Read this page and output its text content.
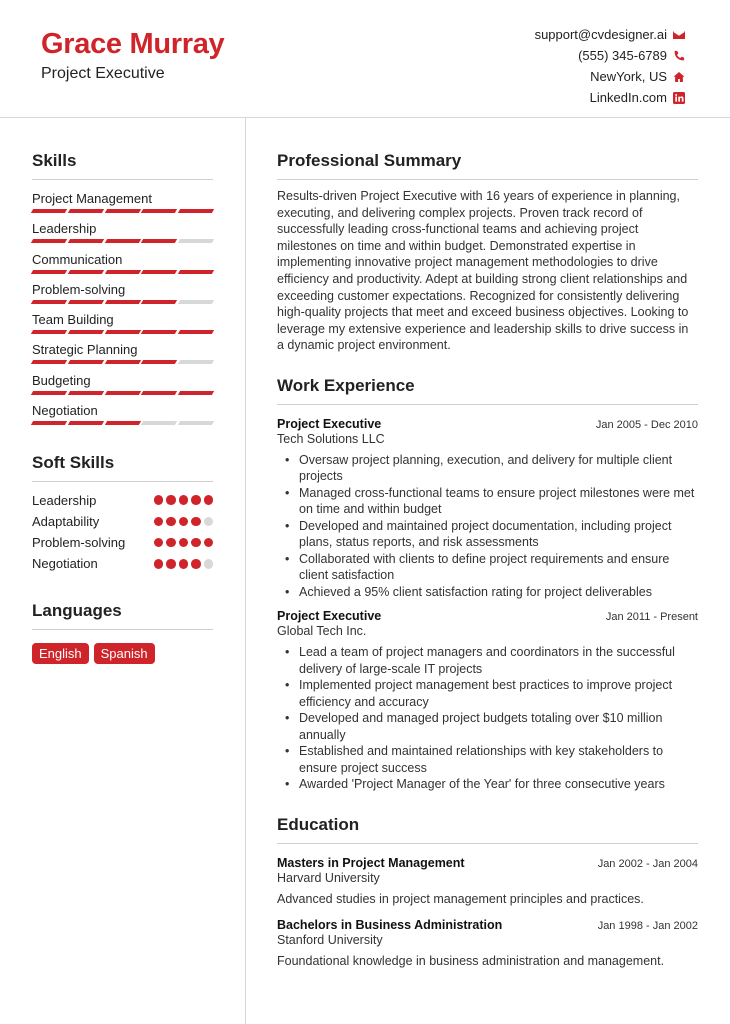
Grace Murray
Project Executive
support@cvdesigner.ai
(555) 345-6789
NewYork, US
LinkedIn.com
Skills
Project Management
Leadership
Communication
Problem-solving
Team Building
Strategic Planning
Budgeting
Negotiation
Soft Skills
Leadership
Adaptability
Problem-solving
Negotiation
Languages
English	Spanish
Professional Summary
Results-driven Project Executive with 16 years of experience in planning, executing, and delivering complex projects. Proven track record of successfully leading cross-functional teams and achieving project milestones on time and within budget. Demonstrated expertise in implementing innovative project management methodologies to drive efficiency and productivity. Adept at building strong client relationships and exceeding customer expectations. Recognized for consistently delivering high-quality projects that meet and exceed business objectives. Looking to leverage my extensive experience and leadership skills to drive success in a dynamic project environment.
Work Experience
Project Executive	Jan 2005 - Dec 2010
Tech Solutions LLC
• Oversaw project planning, execution, and delivery for multiple client projects
• Managed cross-functional teams to ensure project milestones were met on time and within budget
• Developed and maintained project documentation, including project plans, status reports, and risk assessments
• Collaborated with clients to define project requirements and ensure client satisfaction
• Achieved a 95% client satisfaction rating for project deliverables
Project Executive	Jan 2011 - Present
Global Tech Inc.
• Lead a team of project managers and coordinators in the successful delivery of large-scale IT projects
• Implemented project management best practices to improve project efficiency and accuracy
• Developed and managed project budgets totaling over $10 million annually
• Established and maintained relationships with key stakeholders to ensure project success
• Awarded 'Project Manager of the Year' for three consecutive years
Education
Masters in Project Management	Jan 2002 - Jan 2004
Harvard University
Advanced studies in project management principles and practices.
Bachelors in Business Administration	Jan 1998 - Jan 2002
Stanford University
Foundational knowledge in business administration and management.
